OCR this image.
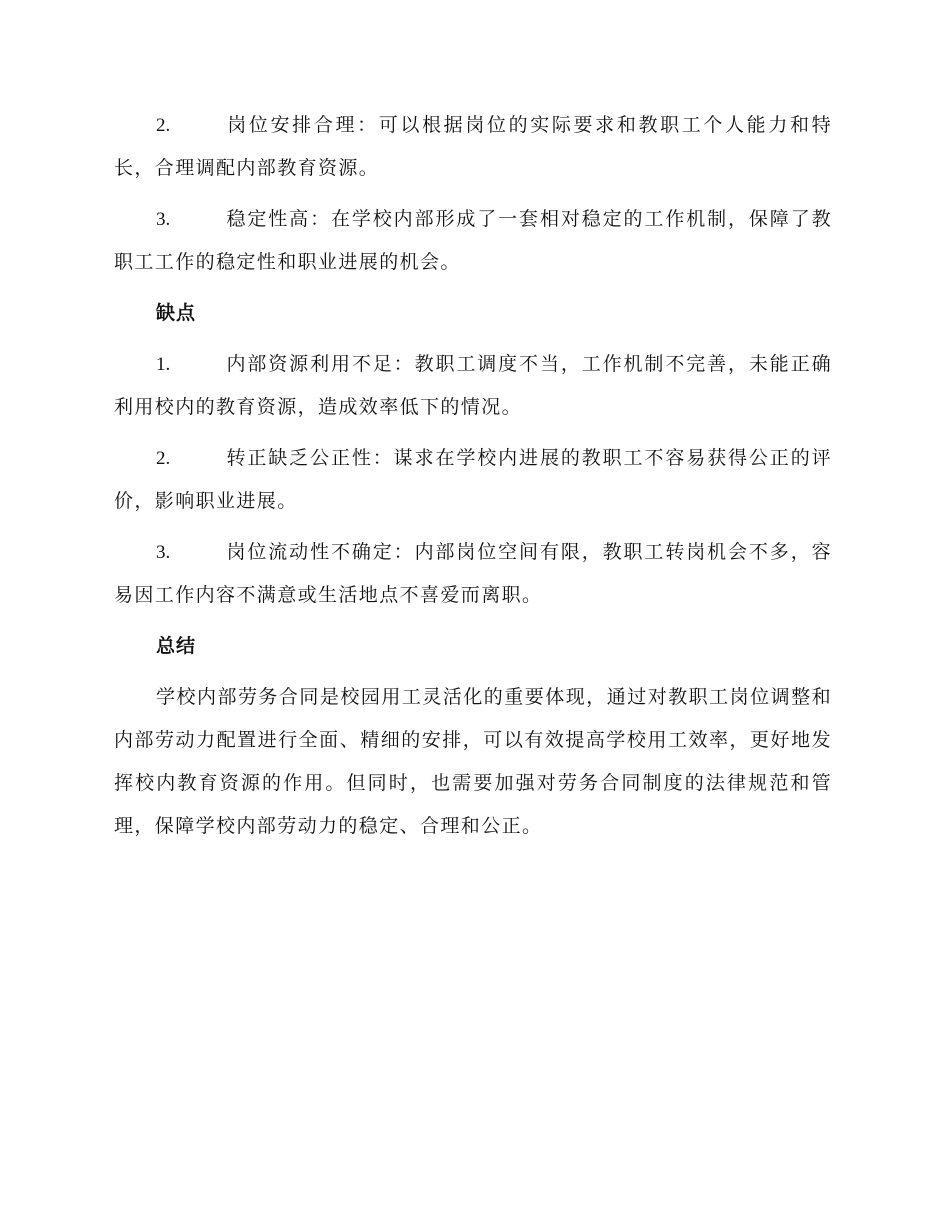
2.	岗位安排合理：可以根据岗位的实际要求和教职工个人能力和特长，合理调配内部教育资源。

3.	稳定性高：在学校内部形成了一套相对稳定的工作机制，保障了教职工工作的稳定性和职业进展的机会。

缺点

1.	内部资源利用不足：教职工调度不当，工作机制不完善，未能正确利用校内的教育资源，造成效率低下的情况。

2.	转正缺乏公正性：谋求在学校内进展的教职工不容易获得公正的评价，影响职业进展。

3.	岗位流动性不确定：内部岗位空间有限，教职工转岗机会不多，容易因工作内容不满意或生活地点不喜爱而离职。

总结

学校内部劳务合同是校园用工灵活化的重要体现，通过对教职工岗位调整和内部劳动力配置进行全面、精细的安排，可以有效提高学校用工效率，更好地发挥校内教育资源的作用。但同时，也需要加强对劳务合同制度的法律规范和管理，保障学校内部劳动力的稳定、合理和公正。
